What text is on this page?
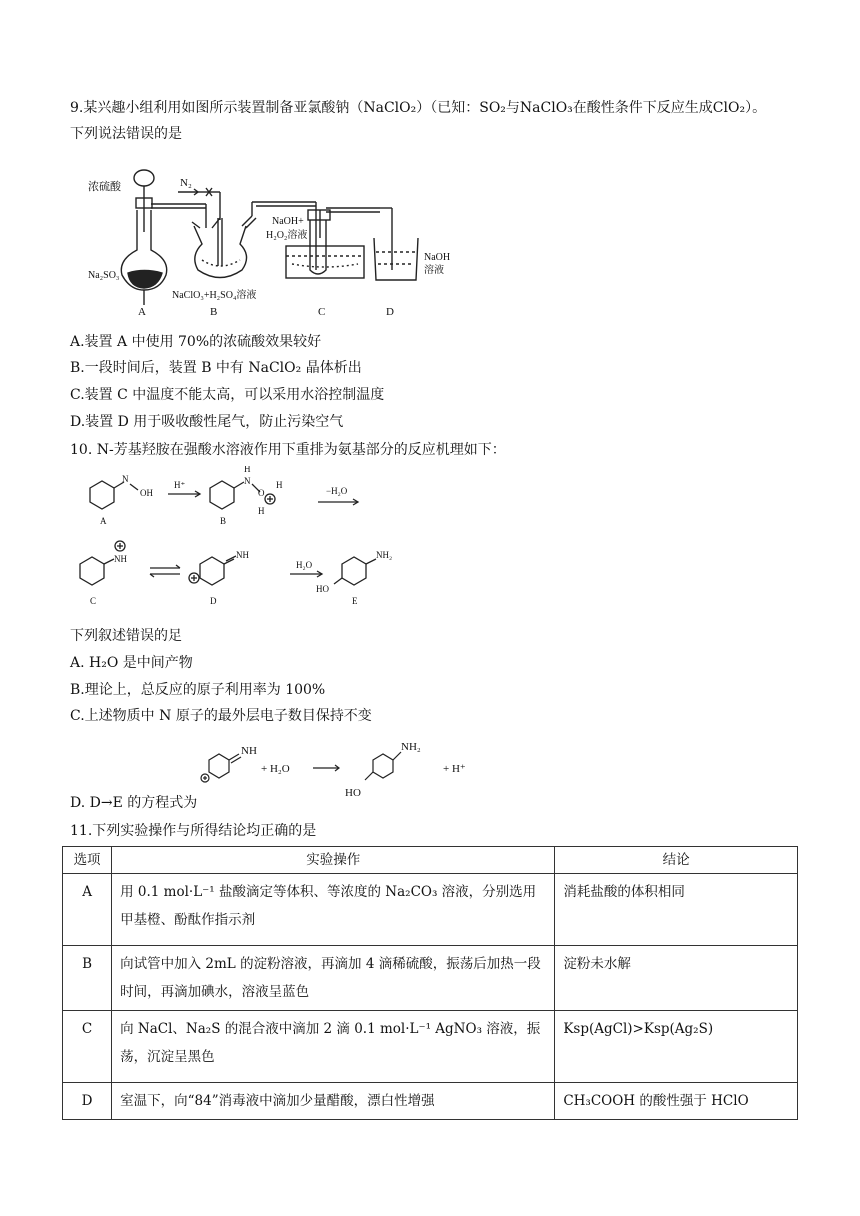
9.某兴趣小组利用如图所示装置制备亚氯酸钠（NaClO₂）（已知：SO₂与NaClO₃在酸性条件下反应生成ClO₂）。
下列说法错误的是
浓硫酸	N₂
Na₂SO₃
NaClO₃+H₂SO₄溶液
NaOH+
H₂O₂溶液
NaOH
溶液
A	B	C	D
A.装置 A 中使用 70%的浓硫酸效果较好
B.一段时间后，装置 B 中有 NaClO₂ 晶体析出
C.装置 C 中温度不能太高，可以采用水浴控制温度
D.装置 D 用于吸收酸性尾气，防止污染空气
10. N-芳基羟胺在强酸水溶液作用下重排为氨基部分的反应机理如下：
N
OH
H⁺
H
N
O
H
H
−H₂O
NH	NH
H₂O
NH₂
HO
A	B
C	D	E
下列叙述错误的足
A. H₂O 是中间产物
B.理论上，总反应的原子利用率为 100%
C.上述物质中 N 原子的最外层电子数目保持不变
NH
+ H₂O
NH₂
HO
+ H⁺
D. D→E 的方程式为
11.下列实验操作与所得结论均正确的是
选项	实验操作	结论
A	用 0.1 mol·L⁻¹ 盐酸滴定等体积、等浓度的 Na₂CO₃ 溶液，分别选用甲基橙、酚酞作指示剂	消耗盐酸的体积相同
B	向试管中加入 2mL 的淀粉溶液，再滴加 4 滴稀硫酸，振荡后加热一段时间，再滴加碘水，溶液呈蓝色	淀粉未水解
C	向 NaCl、Na₂S 的混合液中滴加 2 滴 0.1 mol·L⁻¹ AgNO₃ 溶液，振荡，沉淀呈黑色	Ksp(AgCl)>Ksp(Ag₂S)
D	室温下，向“84”消毒液中滴加少量醋酸，漂白性增强	CH₃COOH 的酸性强于 HClO
